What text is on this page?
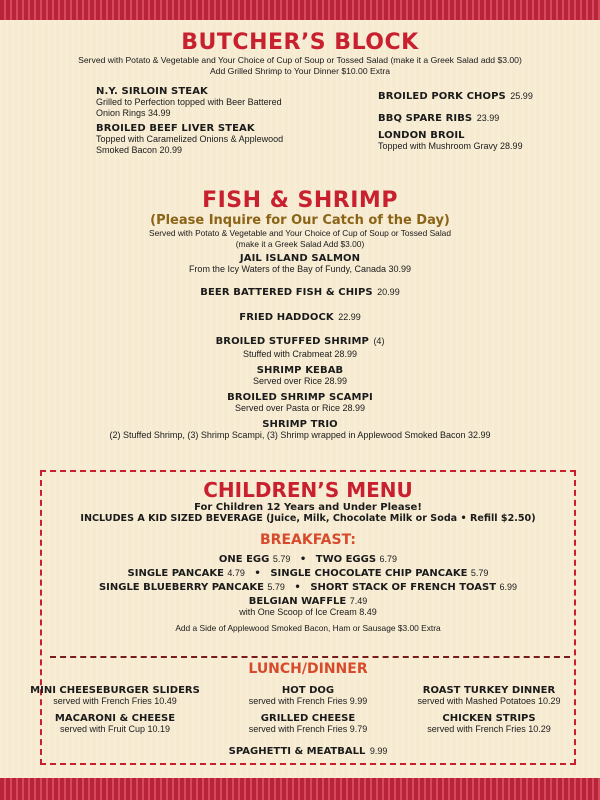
BUTCHER’S BLOCK
Served with Potato & Vegetable and Your Choice of Cup of Soup or Tossed Salad (make it a Greek Salad add $3.00)
Add Grilled Shrimp to Your Dinner $10.00 Extra
N.Y. SIRLOIN STEAK
Grilled to Perfection topped with Beer Battered Onion Rings 34.99
BROILED BEEF LIVER STEAK
Topped with Caramelized Onions & Applewood Smoked Bacon 20.99
BROILED PORK CHOPS 25.99
BBQ SPARE RIBS 23.99
LONDON BROIL
Topped with Mushroom Gravy 28.99
FISH & SHRIMP
(Please Inquire for Our Catch of the Day)
Served with Potato & Vegetable and Your Choice of Cup of Soup or Tossed Salad
(make it a Greek Salad Add $3.00)
JAIL ISLAND SALMON
From the Icy Waters of the Bay of Fundy, Canada 30.99
BEER BATTERED FISH & CHIPS 20.99
FRIED HADDOCK 22.99
BROILED STUFFED SHRIMP (4)
Stuffed with Crabmeat 28.99
SHRIMP KEBAB
Served over Rice 28.99
BROILED SHRIMP SCAMPI
Served over Pasta or Rice 28.99
SHRIMP TRIO
(2) Stuffed Shrimp, (3) Shrimp Scampi, (3) Shrimp wrapped in Applewood Smoked Bacon 32.99
CHILDREN’S MENU
For Children 12 Years and Under Please!
INCLUDES A KID SIZED BEVERAGE (Juice, Milk, Chocolate Milk or Soda • Refill $2.50)
BREAKFAST:
ONE EGG 5.79 • TWO EGGS 6.79
SINGLE PANCAKE 4.79 • SINGLE CHOCOLATE CHIP PANCAKE 5.79
SINGLE BLUEBERRY PANCAKE 5.79 • SHORT STACK OF FRENCH TOAST 6.99
BELGIAN WAFFLE 7.49
with One Scoop of Ice Cream 8.49
Add a Side of Applewood Smoked Bacon, Ham or Sausage $3.00 Extra
LUNCH/DINNER
MINI CHEESEBURGER SLIDERS
served with French Fries 10.49
HOT DOG
served with French Fries 9.99
ROAST TURKEY DINNER
served with Mashed Potatoes 10.29
MACARONI & CHEESE
served with Fruit Cup 10.19
GRILLED CHEESE
served with French Fries 9.79
CHICKEN STRIPS
served with French Fries 10.29
SPAGHETTI & MEATBALL 9.99
